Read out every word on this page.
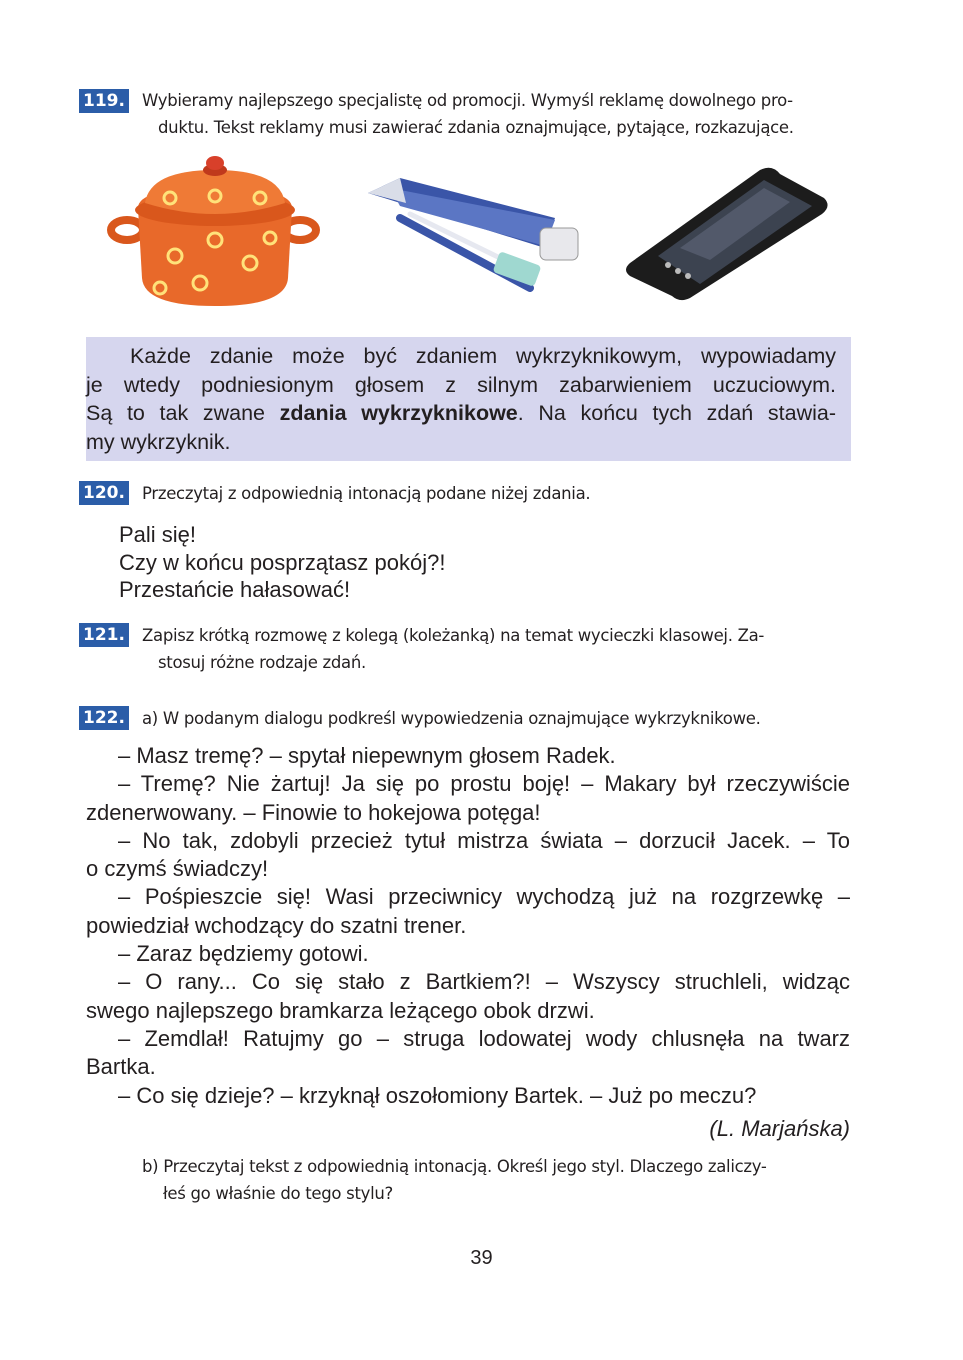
119. Wybieramy najlepszego specjalistę od promocji. Wymyśl reklamę dowolnego pro-
duktu. Tekst reklamy musi zawierać zdania oznajmujące, pytające, rozkazujące.
Każde zdanie może być zdaniem wykrzyknikowym, wypowiadamy
je wtedy podniesionym głosem z silnym zabarwieniem uczuciowym.
Są to tak zwane zdania wykrzyknikowe. Na końcu tych zdań stawia-
my wykrzyknik.
120. Przeczytaj z odpowiednią intonacją podane niżej zdania.
Pali się!
Czy w końcu posprzątasz pokój?!
Przestańcie hałasować!
121. Zapisz krótką rozmowę z kolegą (koleżanką) na temat wycieczki klasowej. Za-
stosuj różne rodzaje zdań.
122. a) W podanym dialogu podkreśl wypowiedzenia oznajmujące wykrzyknikowe.
– Masz tremę? – spytał niepewnym głosem Radek.
– Tremę? Nie żartuj! Ja się po prostu boję! – Makary był rzeczywiście
zdenerwowany. – Finowie to hokejowa potęga!
– No tak, zdobyli przecież tytuł mistrza świata – dorzucił Jacek. – To
o czymś świadczy!
– Pośpieszcie się! Wasi przeciwnicy wychodzą już na rozgrzewkę –
powiedział wchodzący do szatni trener.
– Zaraz będziemy gotowi.
– O rany... Co się stało z Bartkiem?! – Wszyscy struchleli, widząc
swego najlepszego bramkarza leżącego obok drzwi.
– Zemdlał! Ratujmy go – struga lodowatej wody chlusnęła na twarz
Bartka.
– Co się dzieje? – krzyknął oszołomiony Bartek. – Już po meczu?
(L. Marjańska)
b) Przeczytaj tekst z odpowiednią intonacją. Określ jego styl. Dlaczego zaliczy-
łeś go właśnie do tego stylu?
39
